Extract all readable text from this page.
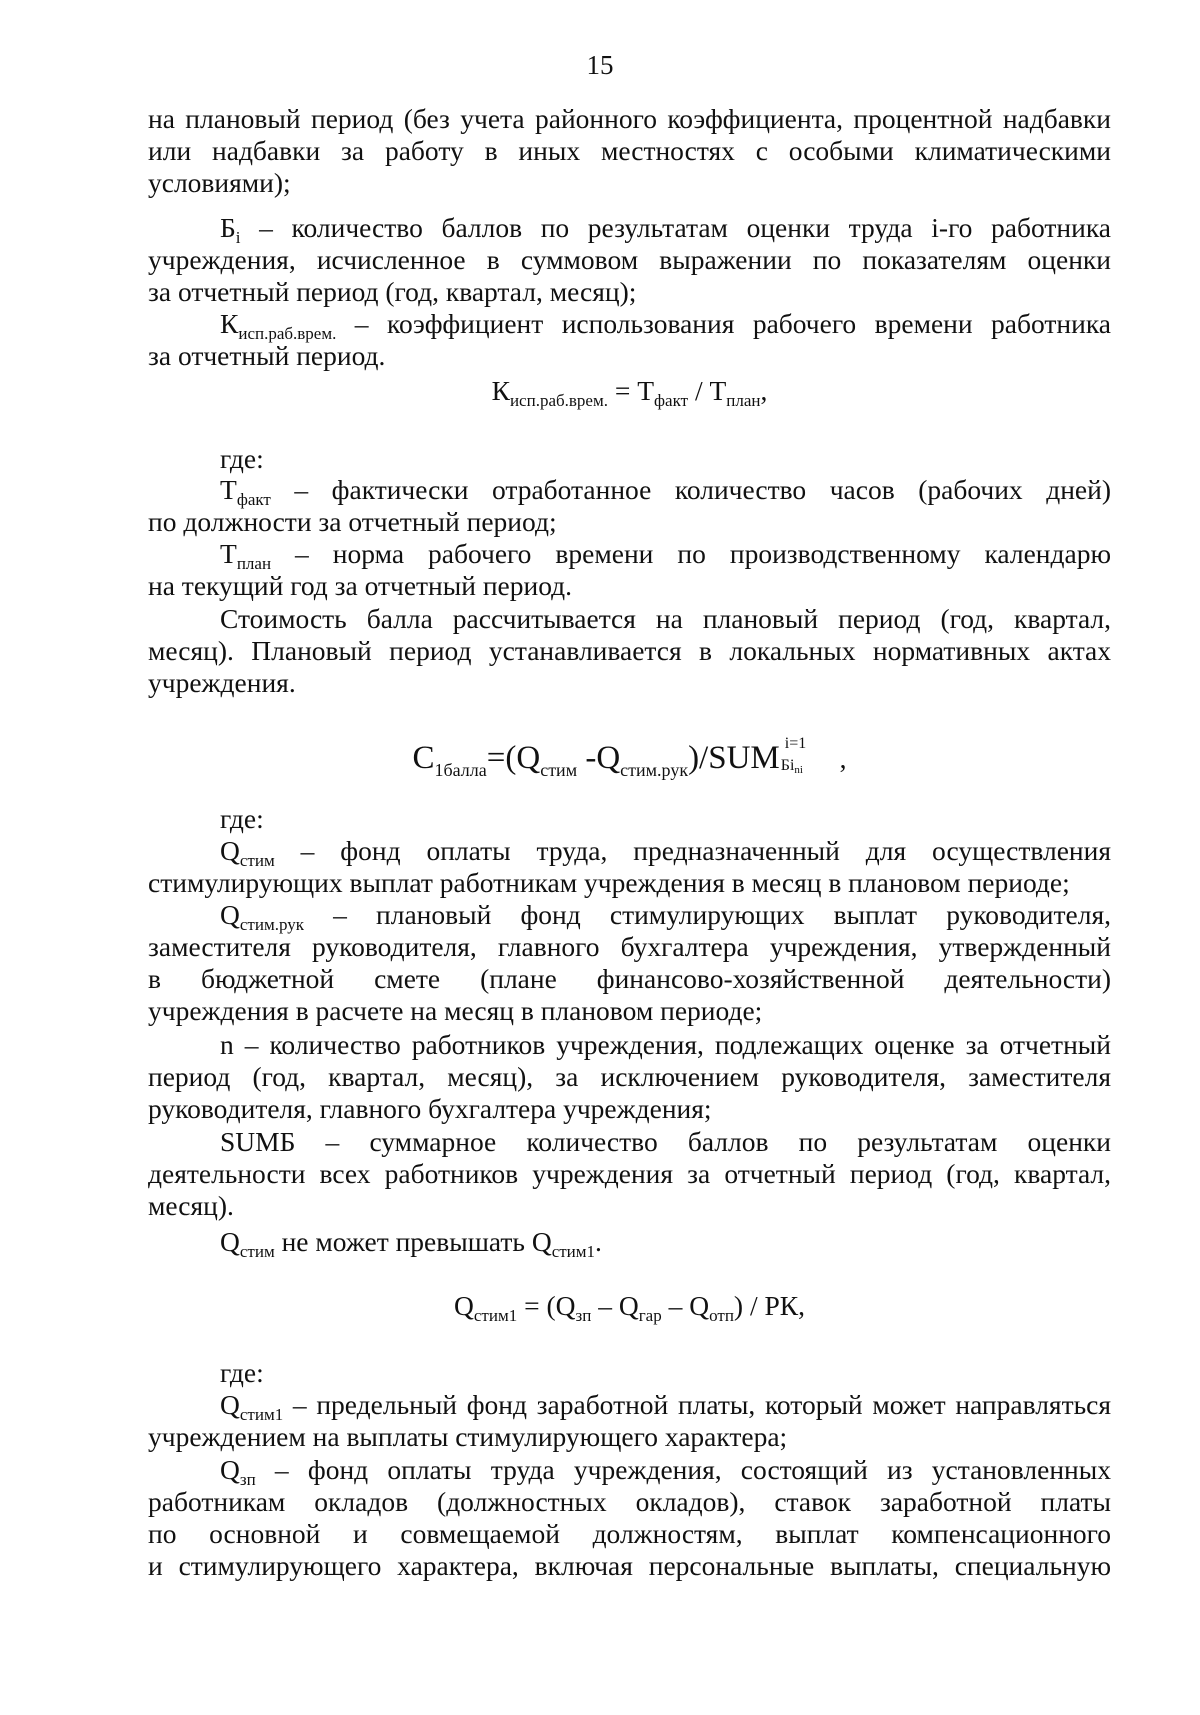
15
на плановый период (без учета районного коэффициента, процентной надбавки
или надбавки за работу в иных местностях с особыми климатическими
условиями);
$Б_i$ – количество баллов по результатам оценки труда i-го работника
учреждения, исчисленное в суммовом выражении по показателям оценки
за отчетный период (год, квартал, месяц);
$К_{исп.раб.врем.}$ – коэффициент использования рабочего времени работника
за отчетный период.
$К_{исп.раб.врем.} = Т_{факт} / Т_{план}$,
где:
$Т_{факт}$ – фактически отработанное количество часов (рабочих дней)
по должности за отчетный период;
$Т_{план}$ – норма рабочего времени по производственному календарю
на текущий год за отчетный период.
Стоимость балла рассчитывается на плановый период (год, квартал,
месяц). Плановый период устанавливается в локальных нормативных актах
учреждения.
$С_{1балла}=(Q_{стим}$ $-Q_{стим.рук}$)/SUM i=1
Бini ,
где:
$Q_{стим}$ – фонд оплаты труда, предназначенный для осуществления
стимулирующих выплат работникам учреждения в месяц в плановом периоде;
$Q_{стим.рук}$ – плановый фонд стимулирующих выплат руководителя,
заместителя руководителя, главного бухгалтера учреждения, утвержденный
в бюджетной смете (плане финансово-хозяйственной деятельности)
учреждения в расчете на месяц в плановом периоде;
n – количество работников учреждения, подлежащих оценке за отчетный
период (год, квартал, месяц), за исключением руководителя, заместителя
руководителя, главного бухгалтера учреждения;
SUMБ – суммарное количество баллов по результатам оценки
деятельности всех работников учреждения за отчетный период (год, квартал,
месяц).
$Q_{стим}$ не может превышать $Q_{стим1}$.
$Q_{стим1} = (Q_{зп} - Q_{гар} - Q_{отп})$ / РК,
где:
$Q_{стим1}$ – предельный фонд заработной платы, который может направляться
учреждением на выплаты стимулирующего характера;
$Q_{зп}$ – фонд оплаты труда учреждения, состоящий из установленных
работникам окладов (должностных окладов), ставок заработной платы
по основной и совмещаемой должностям, выплат компенсационного
и стимулирующего характера, включая персональные выплаты, специальную
